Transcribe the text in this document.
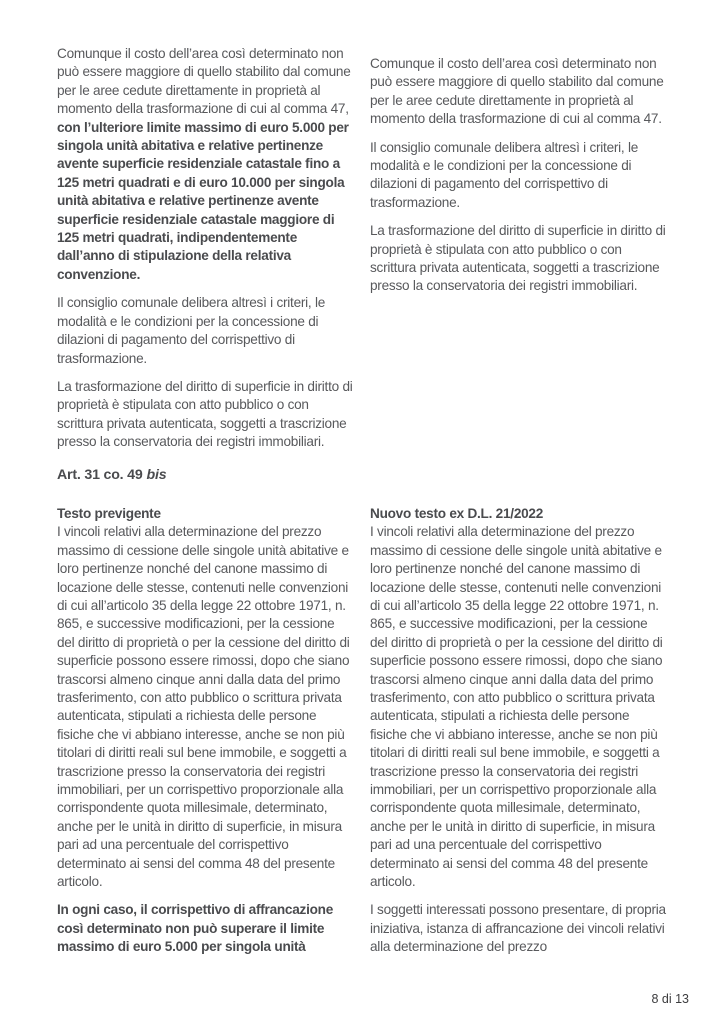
Comunque il costo dell’area così determinato non può essere maggiore di quello stabilito dal comune per le aree cedute direttamente in proprietà al momento della trasformazione di cui al comma 47, con l’ulteriore limite massimo di euro 5.000 per singola unità abitativa e relative pertinenze avente superficie residenziale catastale fino a 125 metri quadrati e di euro 10.000 per singola unità abitativa e relative pertinenze avente superficie residenziale catastale maggiore di 125 metri quadrati, indipendentemente dall’anno di stipulazione della relativa convenzione.

Il consiglio comunale delibera altresì i criteri, le modalità e le condizioni per la concessione di dilazioni di pagamento del corrispettivo di trasformazione.

La trasformazione del diritto di superficie in diritto di proprietà è stipulata con atto pubblico o con scrittura privata autenticata, soggetti a trascrizione presso la conservatoria dei registri immobiliari.

Comunque il costo dell’area così determinato non può essere maggiore di quello stabilito dal comune per le aree cedute direttamente in proprietà al momento della trasformazione di cui al comma 47.

Il consiglio comunale delibera altresì i criteri, le modalità e le condizioni per la concessione di dilazioni di pagamento del corrispettivo di trasformazione.

La trasformazione del diritto di superficie in diritto di proprietà è stipulata con atto pubblico o con scrittura privata autenticata, soggetti a trascrizione presso la conservatoria dei registri immobiliari.

Art. 31 co. 49 bis
Testo previgente

I vincoli relativi alla determinazione del prezzo massimo di cessione delle singole unità abitative e loro pertinenze nonché del canone massimo di locazione delle stesse, contenuti nelle convenzioni di cui all’articolo 35 della legge 22 ottobre 1971, n. 865, e successive modificazioni, per la cessione del diritto di proprietà o per la cessione del diritto di superficie possono essere rimossi, dopo che siano trascorsi almeno cinque anni dalla data del primo trasferimento, con atto pubblico o scrittura privata autenticata, stipulati a richiesta delle persone fisiche che vi abbiano interesse, anche se non più titolari di diritti reali sul bene immobile, e soggetti a trascrizione presso la conservatoria dei registri immobiliari, per un corrispettivo proporzionale alla corrispondente quota millesimale, determinato, anche per le unità in diritto di superficie, in misura pari ad una percentuale del corrispettivo determinato ai sensi del comma 48 del presente articolo.

In ogni caso, il corrispettivo di affrancazione così determinato non può superare il limite massimo di euro 5.000 per singola unità

Nuovo testo ex D.L. 21/2022

I vincoli relativi alla determinazione del prezzo massimo di cessione delle singole unità abitative e loro pertinenze nonché del canone massimo di locazione delle stesse, contenuti nelle convenzioni di cui all’articolo 35 della legge 22 ottobre 1971, n. 865, e successive modificazioni, per la cessione del diritto di proprietà o per la cessione del diritto di superficie possono essere rimossi, dopo che siano trascorsi almeno cinque anni dalla data del primo trasferimento, con atto pubblico o scrittura privata autenticata, stipulati a richiesta delle persone fisiche che vi abbiano interesse, anche se non più titolari di diritti reali sul bene immobile, e soggetti a trascrizione presso la conservatoria dei registri immobiliari, per un corrispettivo proporzionale alla corrispondente quota millesimale, determinato, anche per le unità in diritto di superficie, in misura pari ad una percentuale del corrispettivo determinato ai sensi del comma 48 del presente articolo.

I soggetti interessati possono presentare, di propria iniziativa, istanza di affrancazione dei vincoli relativi alla determinazione del prezzo

8 di 13
